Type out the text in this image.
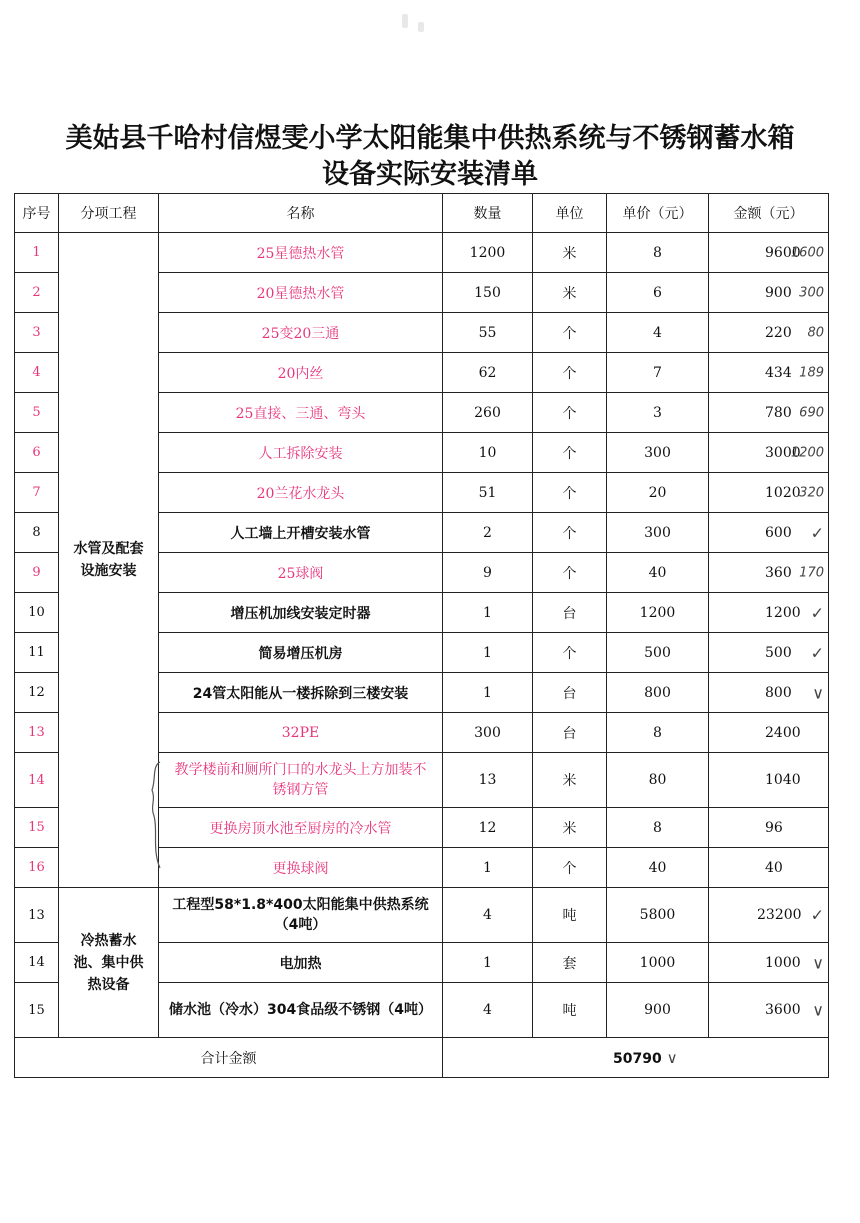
美姑县千哈村信煜雯小学太阳能集中供热系统与不锈钢蓄水箱
设备实际安装清单
序号	分项工程	名称	数量	单位	单价（元）	金额（元）
1	水管及配套设施安装	25星德热水管	1200	米	8	9600
1600

2		20星德热水管	150	米	6	900 300

3		25变20三通	55	个	4	220 80

4		20内丝	62	个	7	434 189

5		25直接、三通、弯头	260	个	3	780 690

6		人工拆除安装	10	个	300	3000
1200

7		20兰花水龙头	51	个	20	1020
320

8		人工墙上开槽安装水管	2	个	300	600 ✓

9		25球阀	9	个	40	360 170

10		增压机加线安装定时器	1	台	1200	1200 ✓

11		简易增压机房	1	个	500	500 ✓

12		24管太阳能从一楼拆除到三楼安装	1	台	800	800 ∨

13		32PE	300	台	8	2400
14		教学楼前和厕所门口的水龙头上方加装不锈钢方管	13	米	80	1040
15		更换房顶水池至厨房的冷水管	12	米	8	96
16		更换球阀	1	个	40	40
13	冷热蓄水池、集中供热设备	工程型58*1.8*400太阳能集中供热系统（4吨）	4	吨	5800	23200 ✓

14		电加热	1	套	1000	1000 ∨

15		储水池（冷水）304食品级不锈钢（4吨）	4	吨	900	3600 ∨

合计金额			50790 ∨			
